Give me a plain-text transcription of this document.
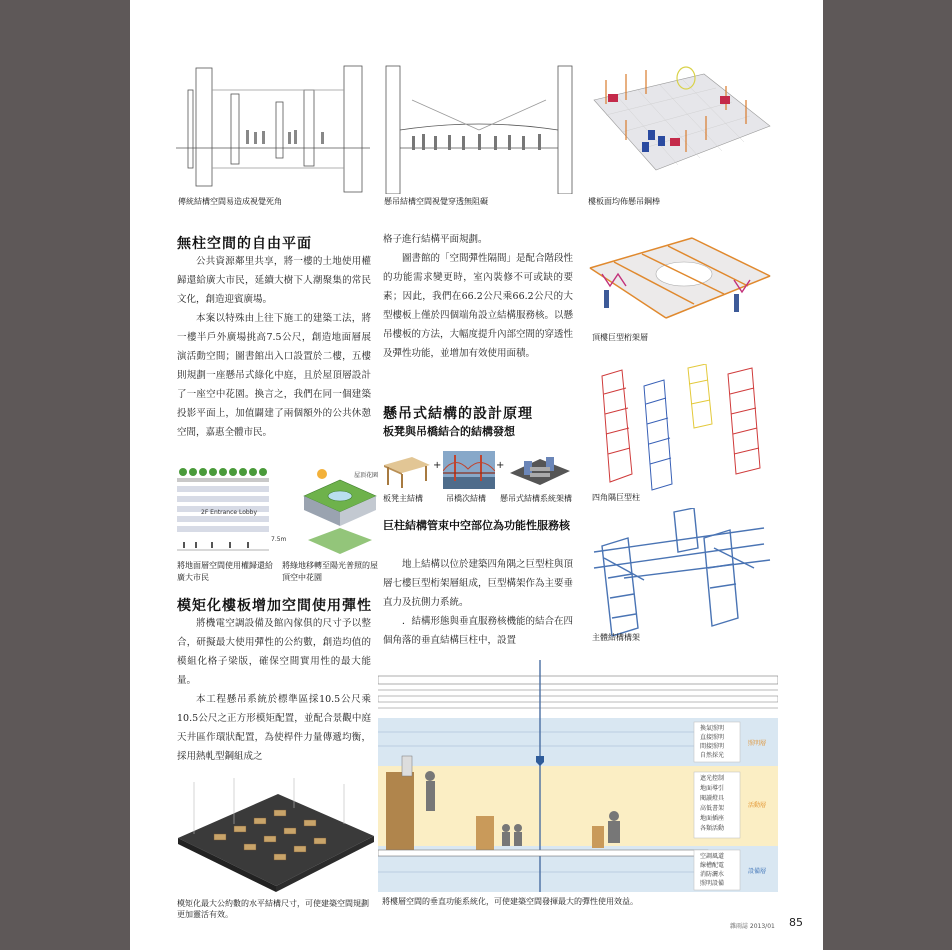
傳統結構空間易造成視覺死角	懸吊結構空間視覺穿透無阻礙	樓板面均佈懸吊鋼棒
頂樓巨型桁架層
四角隅巨型柱
主體結構構架
無柱空間的自由平面

公共資源鄰里共享，將一樓的土地使用權歸還給廣大市民，延續大樹下人潮聚集的常民文化，創造迎賓廣場。

本案以特殊由上往下施工的建築工法，將一樓半戶外廣場挑高7.5公尺，創造地面層展演活動空間；圖書館出入口設置於二樓，五樓則規劃一座懸吊式綠化中庭，且於屋頂層設計了一座空中花園。換言之，我們在同一個建築投影平面上，加值闢建了兩個額外的公共休憩空間，嘉惠全體市民。

2F Entrance Lobby
7.5m
屋頂花園
將地面層空間使用權歸還給廣大市民
將綠地移轉至陽光普照的屋頂空中花園
模矩化樓板增加空間使用彈性

將機電空調設備及館內傢俱的尺寸予以整合，研擬最大使用彈性的公約數，創造均值的模組化格子梁版，確保空間實用性的最大能量。

本工程懸吊系統於標準區採10.5公尺乘10.5公尺之正方形模矩配置，並配合景觀中庭天井區作環狀配置，為使桿件力量傳遞均衡，採用熱軋型鋼組成之

模矩化最大公約數的水平結構尺寸，可使建築空間規劃更加靈活有效。

格子進行結構平面規劃。

圖書館的「空間彈性隔間」是配合階段性的功能需求變更時，室內裝修不可或缺的要素；因此，我們在66.2公尺乘66.2公尺的大型樓板上僅於四個端角設立結構服務核。以懸吊樓板的方法，大幅度提升內部空間的穿透性及彈性功能，並增加有效使用面積。

懸吊式結構的設計原理
板凳與吊橋結合的結構發想
+	+
板凳主結構	吊橋次結構 懸吊式結構系統架構
巨柱結構管束中空部位為功能性服務核

地上結構以位於建築四角隅之巨型柱與頂層七樓巨型桁架層組成，巨型構架作為主要垂直力及抗側力系統。

．結構形態與垂直服務核機能的結合在四個角落的垂直結構巨柱中，設置

換氣照明
直接照明
間接照明
自然採光
照明層
遮光控制
地面導引
閱讀燈具
高低書架
地面插座
各類活動
活動層
空調風道
線槽配電
消防灑水
照明設備
設備層
將樓層空間的垂直功能系統化，可使建築空間發揮最大的彈性使用效益。
雜雨誌 2013/01 85
